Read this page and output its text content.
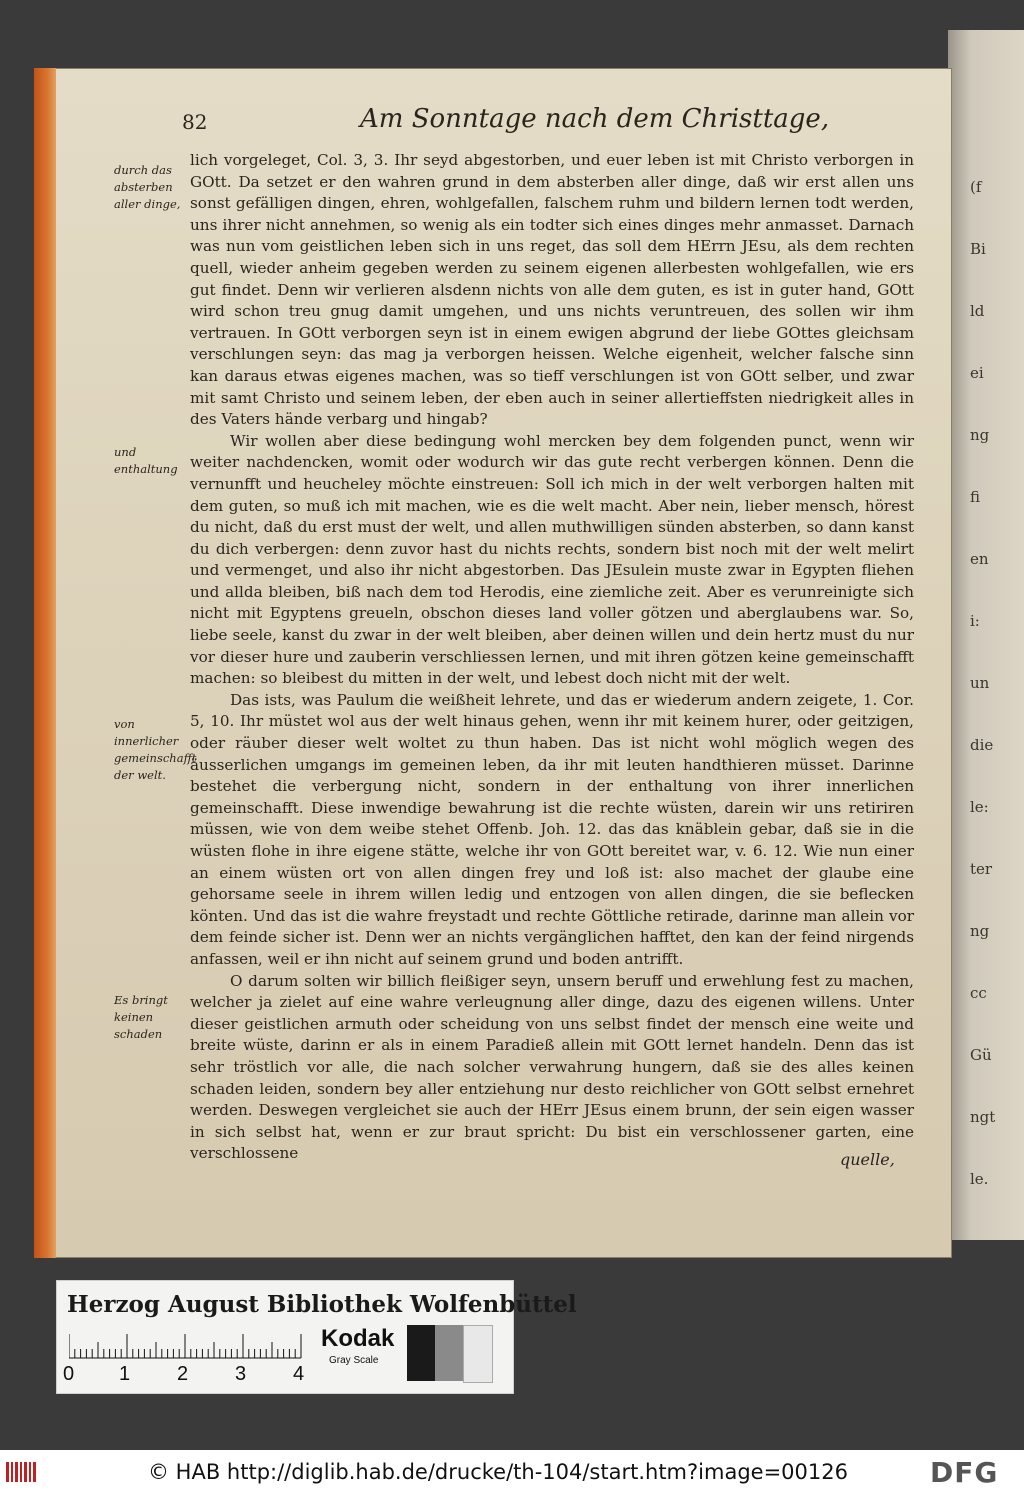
(f
Bi
ld
ei
ng
fi
en
i:
un
die
le:
ter
ng
cc
Gü
ngt
le.
82	Am Sonntage nach dem Christtage,
durch das absterben aller dinge,
und enthaltung
von innerlicher gemeinschafft der welt.
Es bringt keinen schaden

lich vorgeleget, Col. 3, 3. Ihr seyd abgestorben, und euer leben ist mit Christo verborgen in GOtt. Da setzet er den wahren grund in dem absterben aller dinge, daß wir erst allen uns sonst gefälligen dingen, ehren, wohlgefallen, falschem ruhm und bildern lernen todt werden, uns ihrer nicht annehmen, so wenig als ein todter sich eines dinges mehr anmasset. Darnach was nun vom geistlichen leben sich in uns reget, das soll dem HErrn JEsu, als dem rechten quell, wieder anheim gegeben werden zu seinem eigenen allerbesten wohlgefallen, wie ers gut findet. Denn wir verlieren alsdenn nichts von alle dem guten, es ist in guter hand, GOtt wird schon treu gnug damit umgehen, und uns nichts veruntreuen, des sollen wir ihm vertrauen. In GOtt verborgen seyn ist in einem ewigen abgrund der liebe GOttes gleichsam verschlungen seyn: das mag ja verborgen heissen. Welche eigenheit, welcher falsche sinn kan daraus etwas eigenes machen, was so tieff verschlungen ist von GOtt selber, und zwar mit samt Christo und seinem leben, der eben auch in seiner allertieffsten niedrigkeit alles in des Vaters hände verbarg und hingab?

Wir wollen aber diese bedingung wohl mercken bey dem folgenden punct, wenn wir weiter nachdencken, womit oder wodurch wir das gute recht verbergen können. Denn die vernunfft und heucheley möchte einstreuen: Soll ich mich in der welt verborgen halten mit dem guten, so muß ich mit machen, wie es die welt macht. Aber nein, lieber mensch, hörest du nicht, daß du erst must der welt, und allen muthwilligen sünden absterben, so dann kanst du dich verbergen: denn zuvor hast du nichts rechts, sondern bist noch mit der welt melirt und vermenget, und also ihr nicht abgestorben. Das JEsulein muste zwar in Egypten fliehen und allda bleiben, biß nach dem tod Herodis, eine ziemliche zeit. Aber es verunreinigte sich nicht mit Egyptens greueln, obschon dieses land voller götzen und aberglaubens war. So, liebe seele, kanst du zwar in der welt bleiben, aber deinen willen und dein hertz must du nur vor dieser hure und zauberin verschliessen lernen, und mit ihren götzen keine gemeinschafft machen: so bleibest du mitten in der welt, und lebest doch nicht mit der welt.

Das ists, was Paulum die weißheit lehrete, und das er wiederum andern zeigete, 1. Cor. 5, 10. Ihr müstet wol aus der welt hinaus gehen, wenn ihr mit keinem hurer, oder geitzigen, oder räuber dieser welt woltet zu thun haben. Das ist nicht wohl möglich wegen des äusserlichen umgangs im gemeinen leben, da ihr mit leuten handthieren müsset. Darinne bestehet die verbergung nicht, sondern in der enthaltung von ihrer innerlichen gemeinschafft. Diese inwendige bewahrung ist die rechte wüsten, darein wir uns retiriren müssen, wie von dem weibe stehet Offenb. Joh. 12. das das knäblein gebar, daß sie in die wüsten flohe in ihre eigene stätte, welche ihr von GOtt bereitet war, v. 6. 12. Wie nun einer an einem wüsten ort von allen dingen frey und loß ist: also machet der glaube eine gehorsame seele in ihrem willen ledig und entzogen von allen dingen, die sie beflecken könten. Und das ist die wahre freystadt und rechte Göttliche retirade, darinne man allein vor dem feinde sicher ist. Denn wer an nichts vergänglichen hafftet, den kan der feind nirgends anfassen, weil er ihn nicht auf seinem grund und boden antrifft.

O darum solten wir billich fleißiger seyn, unsern beruff und erwehlung fest zu machen, welcher ja zielet auf eine wahre verleugnung aller dinge, dazu des eigenen willens. Unter dieser geistlichen armuth oder scheidung von uns selbst findet der mensch eine weite und breite wüste, darinn er als in einem Paradieß allein mit GOtt lernet handeln. Denn das ist sehr tröstlich vor alle, die nach solcher verwahrung hungern, daß sie des alles keinen schaden leiden, sondern bey aller entziehung nur desto reichlicher von GOtt selbst ernehret werden. Deswegen vergleichet sie auch der HErr JEsus einem brunn, der sein eigen wasser in sich selbst hat, wenn er zur braut spricht: Du bist ein verschlossener garten, eine verschlossene	quelle,
Herzog August Bibliothek Wolfenbüttel
0 1 2 3 4
Kodak
Gray Scale
© HAB http://diglib.hab.de/drucke/th-104/start.htm?image=00126	DFG
